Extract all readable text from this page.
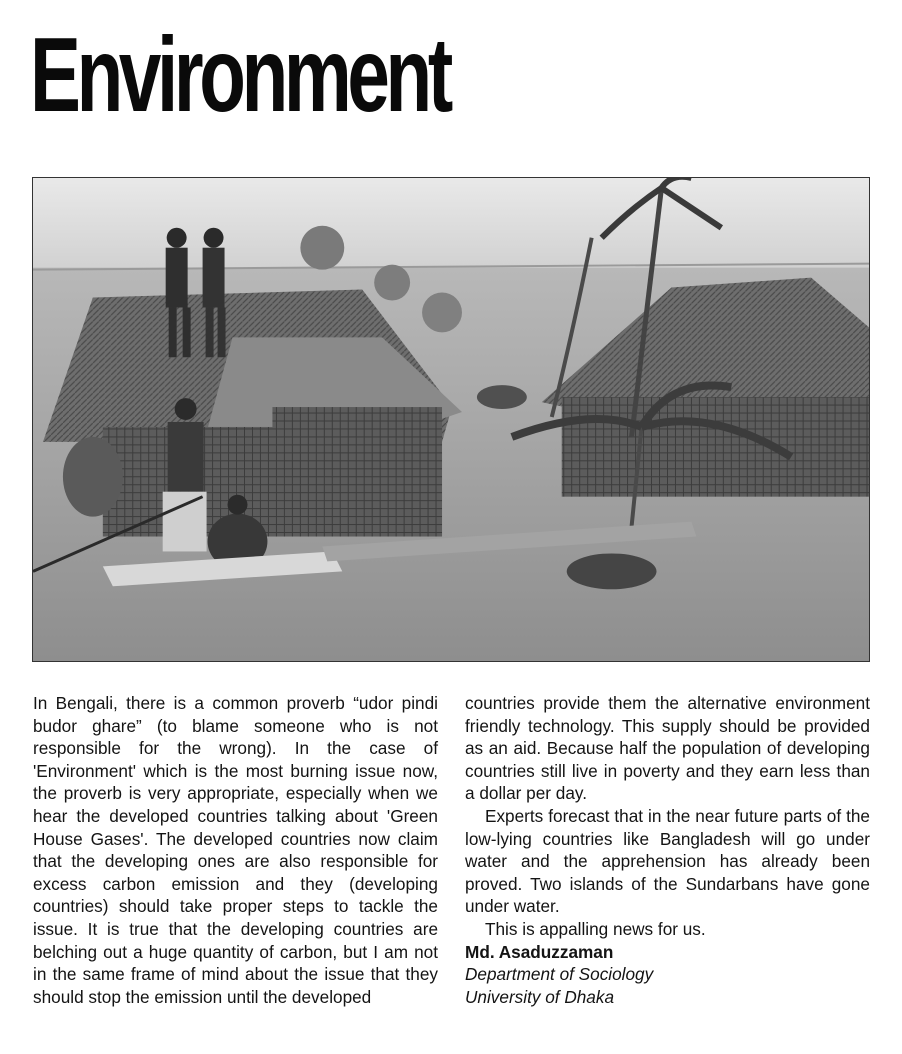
Environment

In Bengali, there is a common proverb “udor pindi budor ghare” (to blame someone who is not responsible for the wrong). In the case of 'Environment' which is the most burning issue now, the proverb is very appropriate, especially when we hear the developed countries talking about 'Green House Gases'. The developed countries now claim that the developing ones are also responsible for excess carbon emission and they (developing countries) should take proper steps to tackle the issue. It is true that the developing countries are belching out a huge quantity of carbon, but I am not in the same frame of mind about the issue that they should stop the emission until the developed

countries provide them the alternative environment friendly technology. This supply should be provided as an aid. Because half the population of developing countries still live in poverty and they earn less than a dollar per day.

Experts forecast that in the near future parts of the low-lying countries like Bangladesh will go under water and the apprehension has already been proved. Two islands of the Sundarbans have gone under water.

This is appalling news for us.

Md. Asaduzzaman

Department of Sociology

University of Dhaka
